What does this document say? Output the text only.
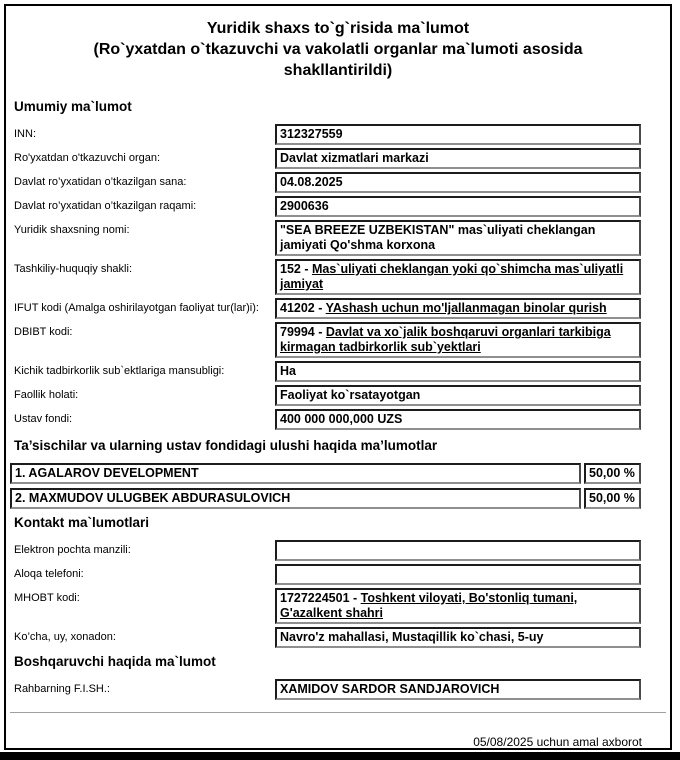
Yuridik shaxs to`g`risida ma`lumot
(Ro`yxatdan o`tkazuvchi va vakolatli organlar ma`lumoti asosida shakllantirildi)
Umumiy ma`lumot
INN:	312327559
Ro'yxatdan o'tkazuvchi organ:	Davlat xizmatlari markazi
Davlat ro’yxatidan o’tkazilgan sana:	04.08.2025
Davlat ro’yxatidan o’tkazilgan raqami:	2900636
Yuridik shaxsning nomi:	"SEA BREEZE UZBEKISTAN" mas`uliyati cheklangan jamiyati Qo'shma korxona
Tashkiliy-huquqiy shakli:	152 - Mas`uliyati cheklangan yoki qo`shimcha mas`uliyatli jamiyat
IFUT kodi (Amalga oshirilayotgan faoliyat tur(lar)i):	41202 - YAshash uchun mo'ljallanmagan binolar qurish
DBIBT kodi:	79994 - Davlat va xo`jalik boshqaruvi organlari tarkibiga kirmagan tadbirkorlik sub`yektlari
Kichik tadbirkorlik sub`ektlariga mansubligi:	Ha
Faollik holati:	Faoliyat ko`rsatayotgan
Ustav fondi:	400 000 000,000 UZS
Ta’sischilar va ularning ustav fondidagi ulushi haqida ma’lumotlar
1. AGALAROV DEVELOPMENT	50,00 %
2. MAXMUDOV ULUGBEK ABDURASULOVICH	50,00 %
Kontakt ma`lumotlari
Elektron pochta manzili:
Aloqa telefoni:
MHOBT kodi:	1727224501 - Toshkent viloyati, Bo'stonliq tumani, G'azalkent shahri
Ko’cha, uy, xonadon:	Navro'z mahallasi, Mustaqillik ko`chasi, 5-uy
Boshqaruvchi haqida ma`lumot
Rahbarning F.I.SH.:	XAMIDOV SARDOR SANDJAROVICH
05/08/2025 uchun amal axborot
